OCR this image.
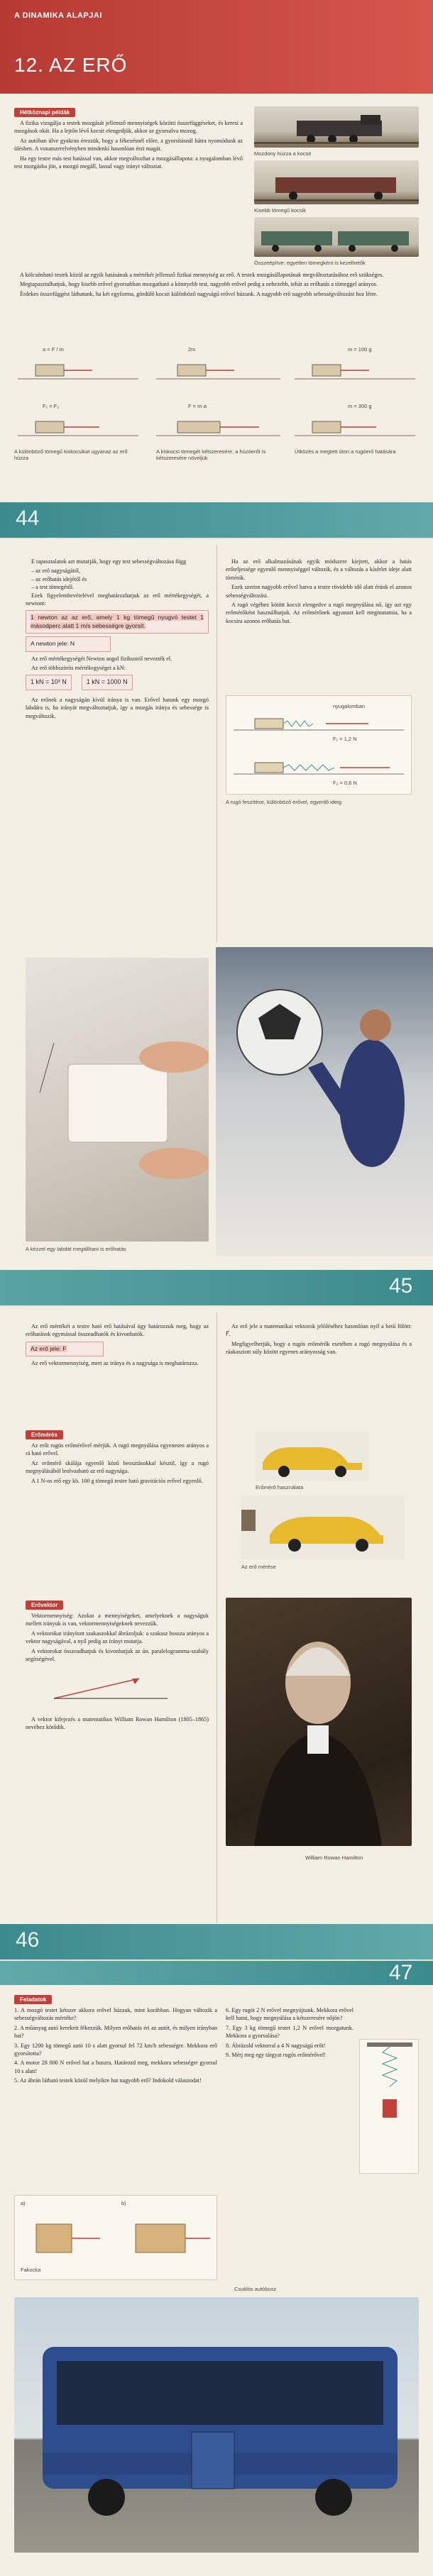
A DINAMIKA ALAPJAI
12. AZ ERŐ
Hétköznapi példák

A fizika vizsgálja a testek mozgását jellemző mennyiségek közötti összefüggéseket, és keresi a mozgások okát. Ha a lejtőn lévő kocsit elengedjük, akkor az gyorsulva mozog.

Az autóban ülve gyakran érezzük, hogy a fékezésnél előre, a gyorsításnál hátra nyomódunk az ülésben. A vonatszerelvényben mindenki hasonlóan érzi magát.

Ha egy testre más test hatással van, akkor megváltozhat a mozgásállapota: a nyugalomban lévő test mozgásba jön, a mozgó megáll, lassul vagy irányt változtat.

Mozdony húzza a kocsit
Kisebb tömegű kocsik
Összeépítve: egyetlen tömegként is kezelhetők

A kölcsönható testek közül az egyik hatásának a mértékét jellemző fizikai mennyiség az erő. A testek mozgásállapotának megváltoztatásához erő szükséges.

Megtapasztalhatjuk, hogy kisebb erővel gyorsabban mozgatható a könnyebb test, nagyobb erővel pedig a nehezebb, tehát az erőhatás a tömeggel arányos.

Érdekes összefüggést láthatunk, ha két egyforma, gördülő kocsit különböző nagyságú erővel húzunk. A nagyobb erő nagyobb sebességváltozást hoz létre.

a = F / m	2m
F = m·a
F₁ = F₂
m = 100 g
m = 300 g
A különböző tömegű kiskocsikat ugyanaz az erő húzza
A kiskocsi tömegét kétszeresére, a húzóerőt is kétszeresére növeljük
Ütközés a megtett úton a rugóerő hatására
44

E tapasztalatok azt mutatják, hogy egy test sebességváltozása függ

– az erő nagyságától,
– az erőhatás idejétől és
– a test tömegétől.

Ezek figyelembevételével meghatározhatjuk az erő mértékegységét, a newtont:

1 newton az az erő, amely 1 kg tömegű nyugvó testet 1 másodperc alatt 1 m/s sebességre gyorsít.
A newton jele: N

Az erő mértékegységét Newton angol fizikusról nevezték el.

Az erő többszörös mértékegységei a kN:

1 kN = 10³ N	1 kN = 1000 N

Az erőnek a nagyságán kívül iránya is van. Erővel hatunk egy mozgó labdára is, ha irányát megváltoztatjuk, így a mozgás iránya és sebessége is megváltozik.

Ha az erő alkalmazásának egyik módszere kiejtett, akkor a hatás erőteljessége egyenlő mennyiséggel változik, és a változás a kísérlet ideje alatt történik.

Ezek szerint nagyobb erővel hatva a testre rövidebb idő alatt érünk el azonos sebességváltozást.

A rugó végéhez kötött kocsit elengedve a rugó megnyúlása nő, így azt egy erőmérőként használhatjuk. Az erőmérőnek ugyanazt kell megmutatnia, ha a kocsira azonos erőhatás hat.

nyugalomban
F₁ = 1,2 N
F₂ = 0,6 N
A rugó feszítése, különböző erővel, egyenlő ideig
A kézzel egy labdát megállítani is erőhatás
45

Az erő mértékét a testre ható erő hatásával úgy határozzuk meg, hogy az erőhatások egymással összeadhatók és kivonhatók.

Az erő jele: F

Az erő vektormennyiség, mert az iránya és a nagysága is meghatározza.

Erőmérés

Az erőt rugós erőmérővel mérjük. A rugó megnyúlása egyenesen arányos a rá ható erővel.

Az erőmérő skálája egyenlő közű beosztásokkal készül, így a rugó megnyúlásából leolvasható az erő nagysága.

A 1 N-os erő egy kb. 100 g tömegű testre ható gravitációs erővel egyenlő.

Az erő jele a matematikai vektorok jelöléséhez hasonlóan nyíl a betű fölött: F⃗.

Megfigyelhetjük, hogy a rugós erőmérők esetében a rugó megnyúlása és a ráakasztott súly között egyenes arányosság van.

Erőmérő használata
Az erő mérése
Erővektor

Vektormennyiség: Azokat a mennyiségeket, amelyeknek a nagyságuk mellett irányuk is van, vektormennyiségeknek nevezzük.

A vektorokat irányított szakaszokkal ábrázoljuk: a szakasz hossza arányos a vektor nagyságával, a nyíl pedig az irányt mutatja.

A vektorokat összeadhatjuk és kivonhatjuk az ún. paralelogramma-szabály segítségével.

A vektor kifejezés a matematikus William Rowan Hamilton (1805–1865) nevéhez kötődik.

William Rowan Hamilton
46
47
Feladatok

1. A mozgó testet kétszer akkora erővel húzzuk, mint korábban. Hogyan változik a sebességváltozás mértéke?

2. A műanyag autó kerekeit fékezzük. Milyen erőhatás éri az autót, és milyen irányban hat?

3. Egy 1200 kg tömegű autó 10 s alatt gyorsul fel 72 km/h sebességre. Mekkora erő gyorsította?

4. A motor 28 000 N erővel hat a buszra. Határozd meg, mekkora sebességre gyorsul 10 s alatt!

5. Az ábrán látható testek közül melyikre hat nagyobb erő? Indokold válaszodat!

6. Egy rugót 2 N erővel megnyújtunk. Mekkora erővel kell hatni, hogy megnyúlása a kétszeresére nőjön?

7. Egy 3 kg tömegű testet 1,2 N erővel mozgatunk. Mekkora a gyorsulása?

8. Ábrázold vektorral a 4 N nagyságú erőt!

9. Mérj meg egy tárgyat rugós erőmérővel!

a)	b)
Fakocka
Csuklós autóbusz
